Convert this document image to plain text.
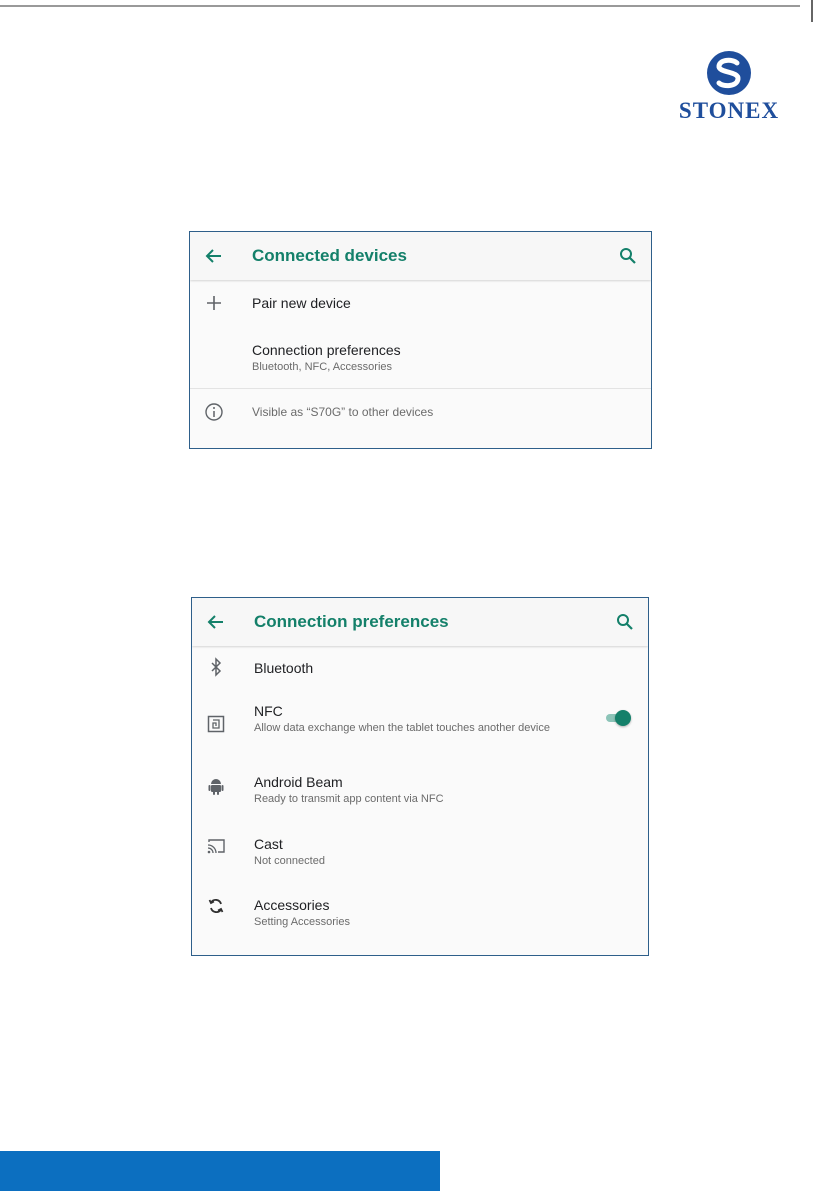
STONEX
Connected devices
Pair new device
Connection preferences
Bluetooth, NFC, Accessories
Visible as “S70G” to other devices
Connection preferences
Bluetooth
NFC
Allow data exchange when the tablet touches another device
Android Beam
Ready to transmit app content via NFC
Cast
Not connected
Accessories
Setting Accessories
